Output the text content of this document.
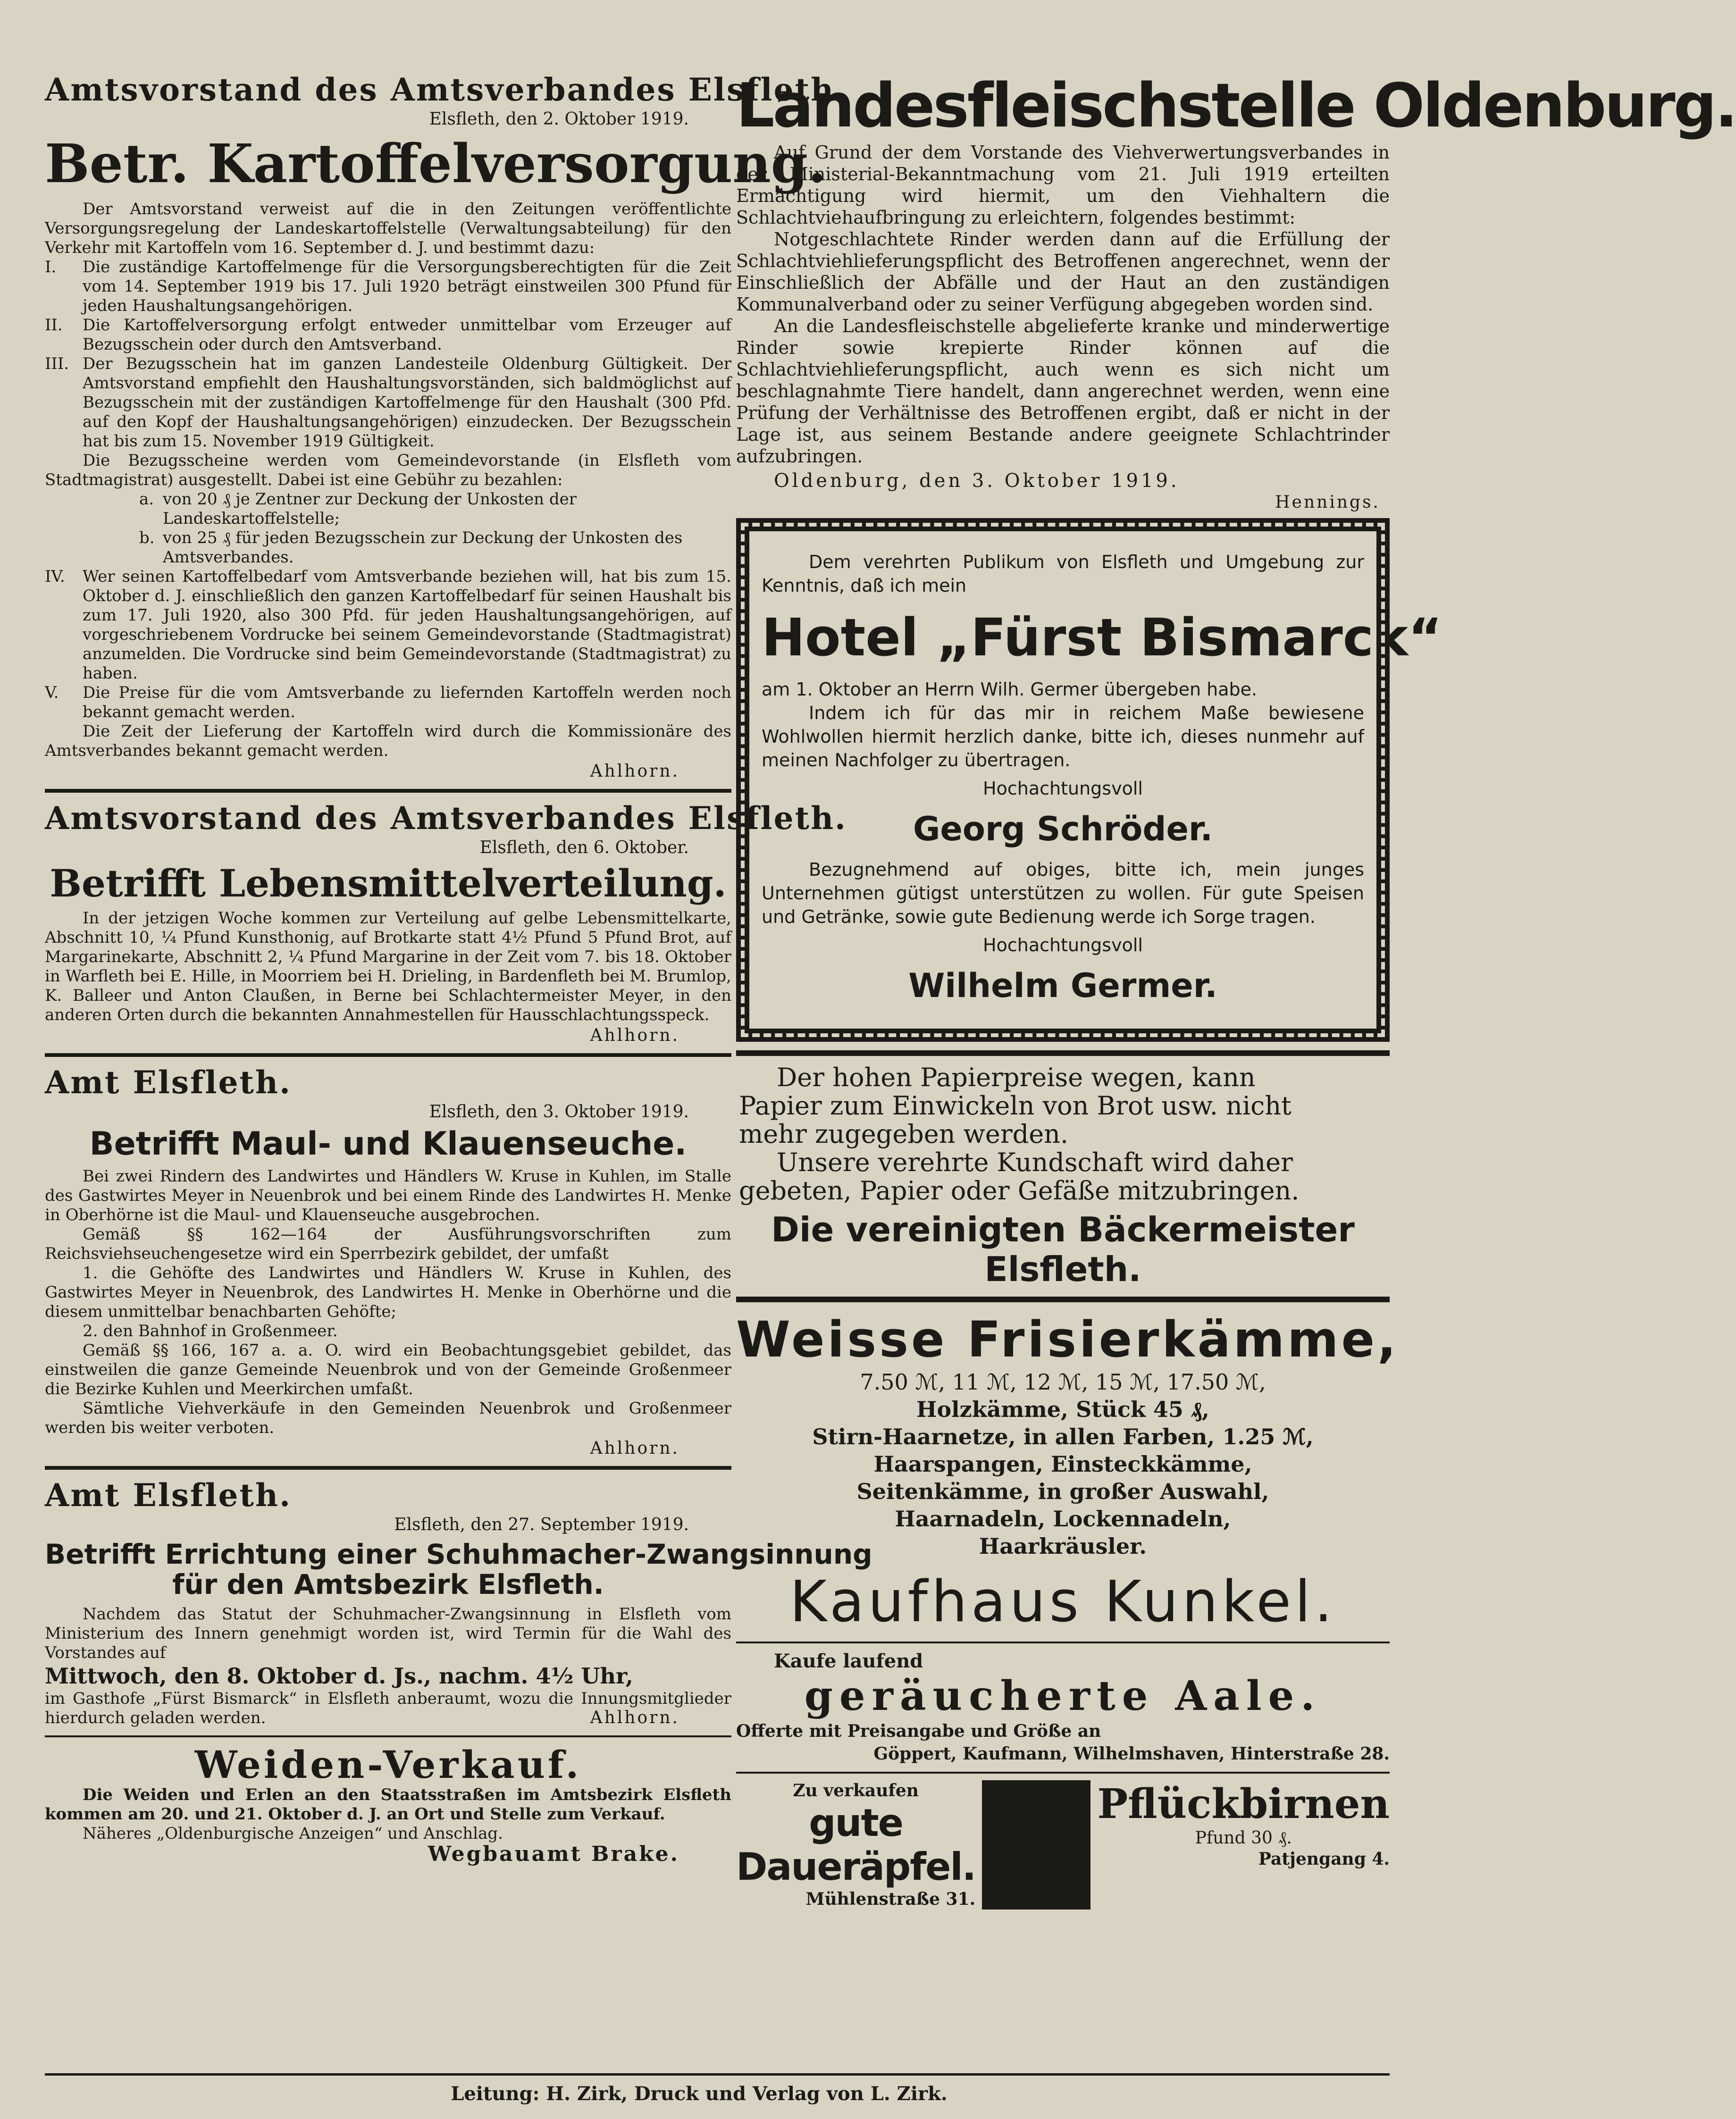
Amtsvorstand des Amtsverbandes Elsfleth.
Elsfleth, den 2. Oktober 1919.
Betr. Kartoffelversorgung.

Der Amtsvorstand verweist auf die in den Zeitungen veröffentlichte Versorgungsregelung der Landeskartoffelstelle (Verwaltungsabteilung) für den Verkehr mit Kartoffeln vom 16. September d. J. und bestimmt dazu:

I.	Die zuständige Kartoffelmenge für die Versorgungsberechtigten für die Zeit vom 14. September 1919 bis 17. Juli 1920 beträgt einstweilen 300 Pfund für jeden Haushaltungsangehörigen.
II.	Die Kartoffelversorgung erfolgt entweder unmittelbar vom Erzeuger auf Bezugsschein oder durch den Amtsverband.
III. Der Bezugsschein hat im ganzen Landesteile Oldenburg Gültigkeit. Der Amtsvorstand empfiehlt den Haushaltungsvorständen, sich baldmöglichst auf Bezugsschein mit der zuständigen Kartoffelmenge für den Haushalt (300 Pfd. auf den Kopf der Haushaltungsangehörigen) einzudecken. Der Bezugsschein hat bis zum 15. November 1919 Gültigkeit.

Die Bezugsscheine werden vom Gemeindevorstande (in Elsfleth vom Stadtmagistrat) ausgestellt. Dabei ist eine Gebühr zu bezahlen:

a. von 20 ₰ je Zentner zur Deckung der Unkosten der Landeskartoffelstelle;
b. von 25 ₰ für jeden Bezugsschein zur Deckung der Unkosten des Amtsverbandes.
IV.	Wer seinen Kartoffelbedarf vom Amtsverbande beziehen will, hat bis zum 15. Oktober d. J. einschließlich den ganzen Kartoffelbedarf für seinen Haushalt bis zum 17. Juli 1920, also 300 Pfd. für jeden Haushaltungsangehörigen, auf vorgeschriebenem Vordrucke bei seinem Gemeindevorstande (Stadtmagistrat) anzumelden. Die Vordrucke sind beim Gemeindevorstande (Stadtmagistrat) zu haben.
V.	Die Preise für die vom Amtsverbande zu liefernden Kartoffeln werden noch bekannt gemacht werden.

Die Zeit der Lieferung der Kartoffeln wird durch die Kommissionäre des Amtsverbandes bekannt gemacht werden.

Ahlhorn.
Amtsvorstand des Amtsverbandes Elsfleth.
Elsfleth, den 6. Oktober.
Betrifft Lebensmittelverteilung.

In der jetzigen Woche kommen zur Verteilung auf gelbe Lebensmittelkarte, Abschnitt 10, ¼ Pfund Kunsthonig, auf Brotkarte statt 4½ Pfund 5 Pfund Brot, auf Margarinekarte, Abschnitt 2, ¼ Pfund Margarine in der Zeit vom 7. bis 18. Oktober in Warfleth bei E. Hille, in Moorriem bei H. Drieling, in Bardenfleth bei M. Brumlop, K. Balleer und Anton Claußen, in Berne bei Schlachtermeister Meyer, in den anderen Orten durch die bekannten Annahmestellen für Hausschlachtungsspeck.

Ahlhorn.
Amt Elsfleth.
Elsfleth, den 3. Oktober 1919.
Betrifft Maul- und Klauenseuche.

Bei zwei Rindern des Landwirtes und Händlers W. Kruse in Kuhlen, im Stalle des Gastwirtes Meyer in Neuenbrok und bei einem Rinde des Landwirtes H. Menke in Oberhörne ist die Maul- und Klauenseuche ausgebrochen.

Gemäß §§ 162—164 der Ausführungsvorschriften zum Reichsviehseuchengesetze wird ein Sperrbezirk gebildet, der umfaßt

1. die Gehöfte des Landwirtes und Händlers W. Kruse in Kuhlen, des Gastwirtes Meyer in Neuenbrok, des Landwirtes H. Menke in Oberhörne und die diesem unmittelbar benachbarten Gehöfte;

2. den Bahnhof in Großenmeer.

Gemäß §§ 166, 167 a. a. O. wird ein Beobachtungsgebiet gebildet, das einstweilen die ganze Gemeinde Neuenbrok und von der Gemeinde Großenmeer die Bezirke Kuhlen und Meerkirchen umfaßt.

Sämtliche Viehverkäufe in den Gemeinden Neuenbrok und Großenmeer werden bis weiter verboten.

Ahlhorn.
Amt Elsfleth.
Elsfleth, den 27. September 1919.
Betrifft Errichtung einer Schuhmacher-Zwangsinnung
für den Amtsbezirk Elsfleth.

Nachdem das Statut der Schuhmacher-Zwangsinnung in Elsfleth vom Ministerium des Innern genehmigt worden ist, wird Termin für die Wahl des Vorstandes auf

Mittwoch, den 8. Oktober d. Js., nachm. 4½ Uhr,

im Gasthofe „Fürst Bismarck“ in Elsfleth anberaumt, wozu die Innungsmitglieder hierdurch geladen werden.	Ahlhorn.
Weiden-Verkauf.

Die Weiden und Erlen an den Staatsstraßen im Amtsbezirk Elsfleth kommen am 20. und 21. Oktober d. J. an Ort und Stelle zum Verkauf.

Näheres „Oldenburgische Anzeigen“ und Anschlag.

Wegbauamt Brake.
Landesfleischstelle Oldenburg.

Auf Grund der dem Vorstande des Viehverwertungsverbandes in der Ministerial-Bekanntmachung vom 21. Juli 1919 erteilten Ermächtigung wird hiermit, um den Viehhaltern die Schlachtviehaufbringung zu erleichtern, folgendes bestimmt:

Notgeschlachtete Rinder werden dann auf die Erfüllung der Schlachtviehlieferungspflicht des Betroffenen angerechnet, wenn der Einschließlich der Abfälle und der Haut an den zuständigen Kommunalverband oder zu seiner Verfügung abgegeben worden sind.

An die Landesfleischstelle abgelieferte kranke und minderwertige Rinder sowie krepierte Rinder können auf die Schlachtviehlieferungspflicht, auch wenn es sich nicht um beschlagnahmte Tiere handelt, dann angerechnet werden, wenn eine Prüfung der Verhältnisse des Betroffenen ergibt, daß er nicht in der Lage ist, aus seinem Bestande andere geeignete Schlachtrinder aufzubringen.

Oldenburg, den 3. Oktober 1919.
Hennings.
Dem verehrten Publikum von Elsfleth und Umgebung zur Kenntnis, daß ich mein
Hotel „Fürst Bismarck“
am 1. Oktober an Herrn Wilh. Germer übergeben habe.
Indem ich für das mir in reichem Maße bewiesene Wohlwollen hiermit herzlich danke, bitte ich, dieses nunmehr auf meinen Nachfolger zu übertragen.
Hochachtungsvoll
Georg Schröder.
Bezugnehmend auf obiges, bitte ich, mein junges Unternehmen gütigst unterstützen zu wollen. Für gute Speisen und Getränke, sowie gute Bedienung werde ich Sorge tragen.
Hochachtungsvoll
Wilhelm Germer.
Der hohen Papierpreise wegen, kann
Papier zum Einwickeln von Brot usw. nicht
mehr zugegeben werden.
Unsere verehrte Kundschaft wird daher
gebeten, Papier oder Gefäße mitzubringen.
Die vereinigten Bäckermeister Elsfleth.
Weisse Frisierkämme,
7.50 ℳ, 11 ℳ, 12 ℳ, 15 ℳ, 17.50 ℳ,
Holzkämme, Stück 45 ₰,
Stirn-Haarnetze, in allen Farben, 1.25 ℳ,
Haarspangen, Einsteckkämme,
Seitenkämme, in großer Auswahl,
Haarnadeln, Lockennadeln,
Haarkräusler.
Kaufhaus Kunkel.
Kaufe laufend
geräucherte Aale.
Offerte mit Preisangabe und Größe an
Göppert, Kaufmann, Wilhelmshaven, Hinterstraße 28.
Zu verkaufen
gute Daueräpfel.
Mühlenstraße 31.
Pflückbirnen
Pfund 30 ₰.
Patjengang 4.
Leitung: H. Zirk, Druck und Verlag von L. Zirk.
